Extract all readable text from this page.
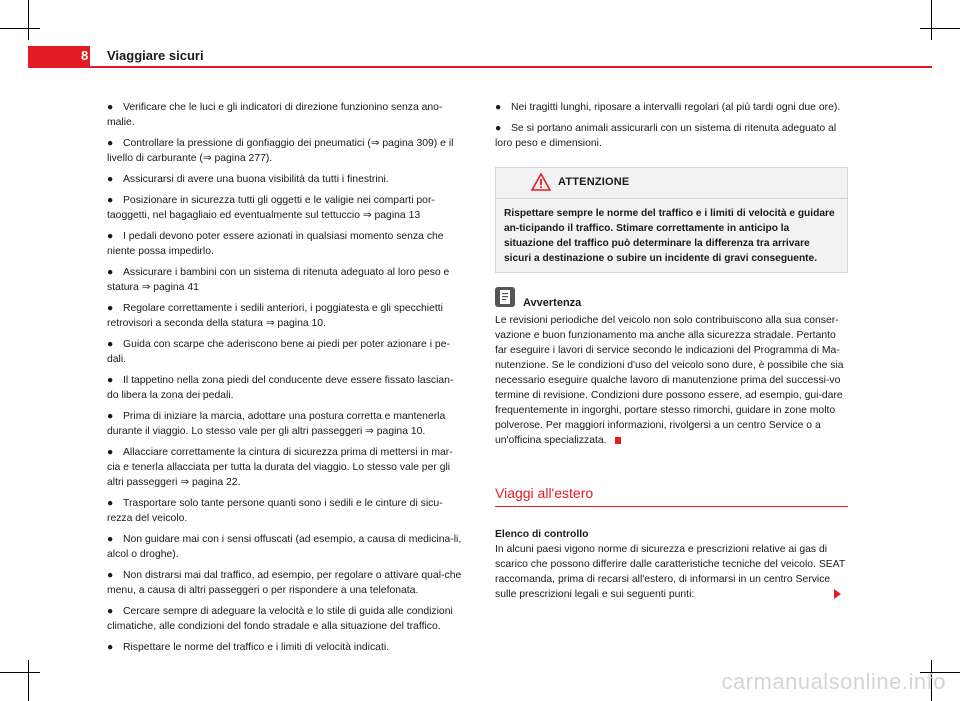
8	Viaggiare sicuri

● Verificare che le luci e gli indicatori di direzione funzionino senza ano-malie.

● Controllare la pressione di gonfiaggio dei pneumatici (⇒ pagina 309) e il livello di carburante (⇒ pagina 277).

● Assicurarsi di avere una buona visibilità da tutti i finestrini.

● Posizionare in sicurezza tutti gli oggetti e le valigie nei comparti por-taoggetti, nel bagagliaio ed eventualmente sul tettuccio ⇒ pagina 13

● I pedali devono poter essere azionati in qualsiasi momento senza che niente possa impedirlo.

● Assicurare i bambini con un sistema di ritenuta adeguato al loro peso e statura ⇒ pagina 41

● Regolare correttamente i sedili anteriori, i poggiatesta e gli specchietti retrovisori a seconda della statura ⇒ pagina 10.

● Guida con scarpe che aderiscono bene ai piedi per poter azionare i pe-dali.

● Il tappetino nella zona piedi del conducente deve essere fissato lascian-do libera la zona dei pedali.

● Prima di iniziare la marcia, adottare una postura corretta e mantenerla durante il viaggio. Lo stesso vale per gli altri passeggeri ⇒ pagina 10.

● Allacciare correttamente la cintura di sicurezza prima di mettersi in mar-cia e tenerla allacciata per tutta la durata del viaggio. Lo stesso vale per gli altri passeggeri ⇒ pagina 22.

● Trasportare solo tante persone quanti sono i sedili e le cinture di sicu-rezza del veicolo.

● Non guidare mai con i sensi offuscati (ad esempio, a causa di medicina-li, alcol o droghe).

● Non distrarsi mai dal traffico, ad esempio, per regolare o attivare qual-che menu, a causa di altri passeggeri o per rispondere a una telefonata.

● Cercare sempre di adeguare la velocità e lo stile di guida alle condizioni climatiche, alle condizioni del fondo stradale e alla situazione del traffico.

● Rispettare le norme del traffico e i limiti di velocità indicati.

● Nei tragitti lunghi, riposare a intervalli regolari (al più tardi ogni due ore).

● Se si portano animali assicurarli con un sistema di ritenuta adeguato al loro peso e dimensioni.

ATTENZIONE
Rispettare sempre le norme del traffico e i limiti di velocità e guidare an-ticipando il traffico. Stimare correttamente in anticipo la situazione del traffico può determinare la differenza tra arrivare sicuri a destinazione o subire un incidente di gravi conseguente.
Avvertenza

Le revisioni periodiche del veicolo non solo contribuiscono alla sua conser-vazione e buon funzionamento ma anche alla sicurezza stradale. Pertanto far eseguire i lavori di service secondo le indicazioni del Programma di Ma-nutenzione. Se le condizioni d'uso del veicolo sono dure, è possibile che sia necessario eseguire qualche lavoro di manutenzione prima del successi-vo termine di revisione. Condizioni dure possono essere, ad esempio, gui-dare frequentemente in ingorghi, portare stesso rimorchi, guidare in zone molto polverose. Per maggiori informazioni, rivolgersi a un centro Service o a un'officina specializzata.

Viaggi all'estero
Elenco di controllo

In alcuni paesi vigono norme di sicurezza e prescrizioni relative ai gas di scarico che possono differire dalle caratteristiche tecniche del veicolo. SEAT raccomanda, prima di recarsi all'estero, di informarsi in un centro Service sulle prescrizioni legali e sui seguenti punti:

carmanualsonline.info
